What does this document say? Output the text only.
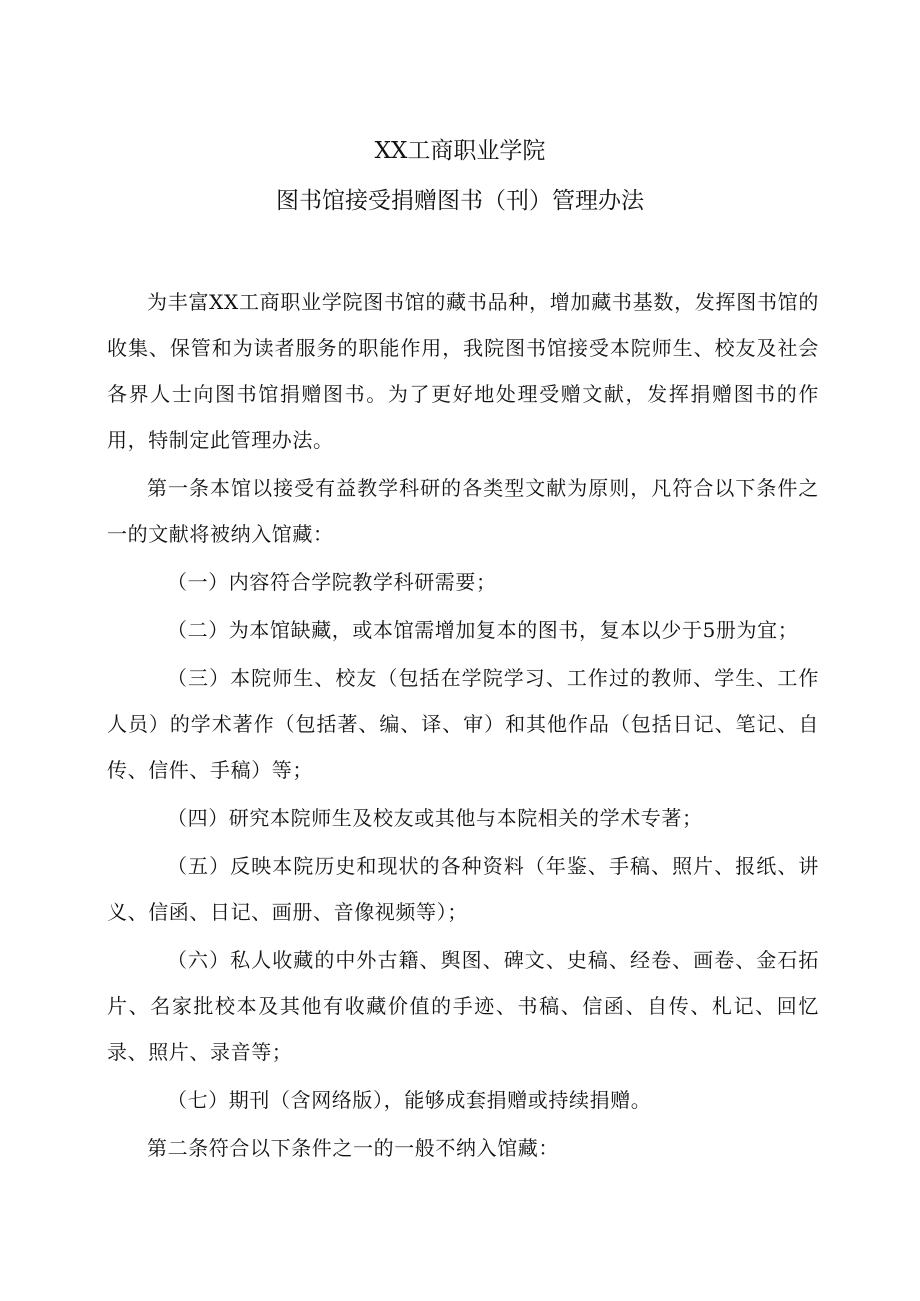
XX工商职业学院
图书馆接受捐赠图书（刊）管理办法

为丰富XX工商职业学院图书馆的藏书品种，增加藏书基数，发挥图书馆的收集、保管和为读者服务的职能作用，我院图书馆接受本院师生、校友及社会各界人士向图书馆捐赠图书。为了更好地处理受赠文献，发挥捐赠图书的作用，特制定此管理办法。

第一条本馆以接受有益教学科研的各类型文献为原则，凡符合以下条件之一的文献将被纳入馆藏：

（一）内容符合学院教学科研需要；

（二）为本馆缺藏，或本馆需增加复本的图书，复本以少于5册为宜；

（三）本院师生、校友（包括在学院学习、工作过的教师、学生、工作人员）的学术著作（包括著、编、译、审）和其他作品（包括日记、笔记、自传、信件、手稿）等；

（四）研究本院师生及校友或其他与本院相关的学术专著；

（五）反映本院历史和现状的各种资料（年鉴、手稿、照片、报纸、讲义、信函、日记、画册、音像视频等）；

（六）私人收藏的中外古籍、舆图、碑文、史稿、经卷、画卷、金石拓片、名家批校本及其他有收藏价值的手迹、书稿、信函、自传、札记、回忆录、照片、录音等；

（七）期刊（含网络版），能够成套捐赠或持续捐赠。

第二条符合以下条件之一的一般不纳入馆藏：
